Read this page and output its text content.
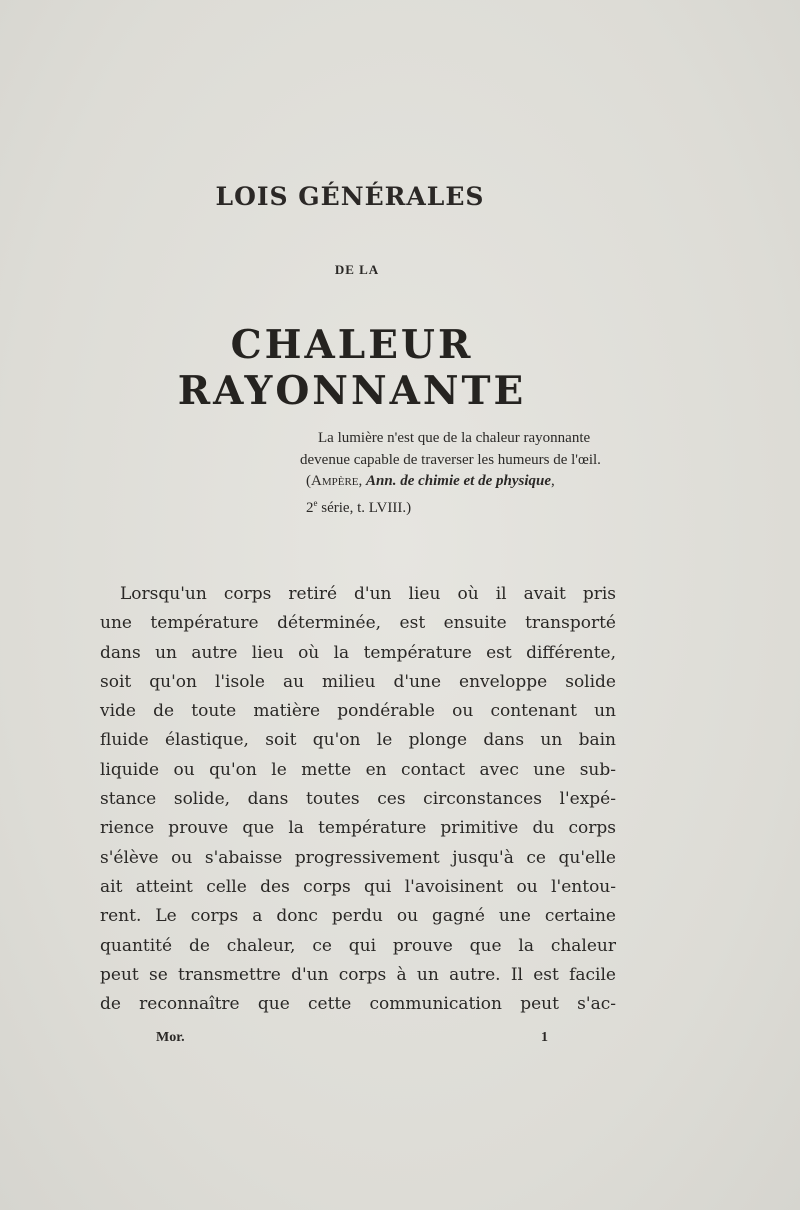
LOIS GÉNÉRALES
DE LA
CHALEUR RAYONNANTE
La lumière n'est que de la chaleur rayonnante
devenue capable de traverser les humeurs de l'œil.
(Ampère, Ann. de chimie et de physique,
2e série, t. LVIII.)
Lorsqu'un corps retiré d'un lieu où il avait pris
une température déterminée, est ensuite transporté
dans un autre lieu où la température est différente,
soit qu'on l'isole au milieu d'une enveloppe solide
vide de toute matière pondérable ou contenant un
fluide élastique, soit qu'on le plonge dans un bain
liquide ou qu'on le mette en contact avec une sub-
stance solide, dans toutes ces circonstances l'expé-
rience prouve que la température primitive du corps
s'élève ou s'abaisse progressivement jusqu'à ce qu'elle
ait atteint celle des corps qui l'avoisinent ou l'entou-
rent. Le corps a donc perdu ou gagné une certaine
quantité de chaleur, ce qui prouve que la chaleur
peut se transmettre d'un corps à un autre. Il est facile
de reconnaître que cette communication peut s'ac-
Mor.	1
